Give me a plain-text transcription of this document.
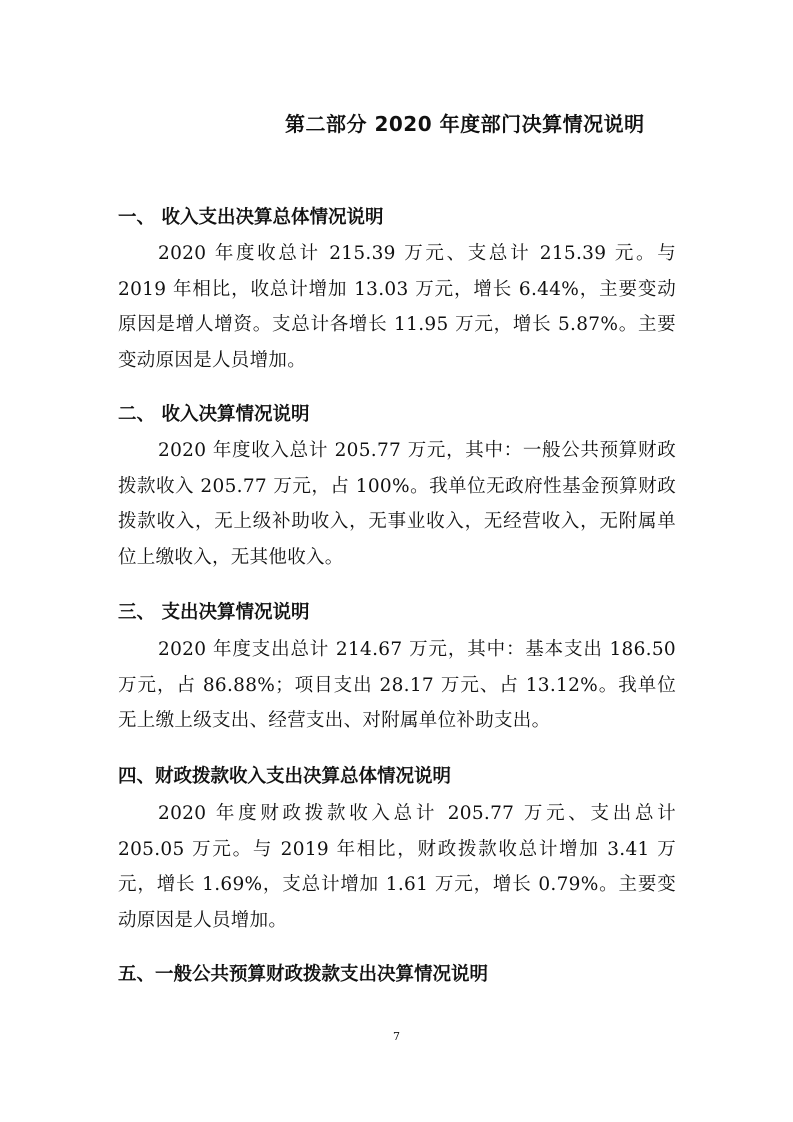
第二部分 2020 年度部门决算情况说明
一、 收入支出决算总体情况说明

2020 年度收总计 215.39 万元、支总计 215.39 元。与 2019 年相比，收总计增加 13.03 万元，增长 6.44%，主要变动原因是增人增资。支总计各增长 11.95 万元，增长 5.87%。主要变动原因是人员增加。

二、 收入决算情况说明

2020 年度收入总计 205.77 万元，其中：一般公共预算财政拨款收入 205.77 万元，占 100%。我单位无政府性基金预算财政拨款收入，无上级补助收入，无事业收入，无经营收入，无附属单位上缴收入，无其他收入。

三、 支出决算情况说明

2020 年度支出总计 214.67 万元，其中：基本支出 186.50 万元，占 86.88%；项目支出 28.17 万元、占 13.12%。我单位无上缴上级支出、经营支出、对附属单位补助支出。

四、财政拨款收入支出决算总体情况说明

2020 年度财政拨款收入总计 205.77 万元、支出总计 205.05 万元。与 2019 年相比，财政拨款收总计增加 3.41 万元，增长 1.69%，支总计增加 1.61 万元，增长 0.79%。主要变动原因是人员增加。

五、一般公共预算财政拨款支出决算情况说明
7
